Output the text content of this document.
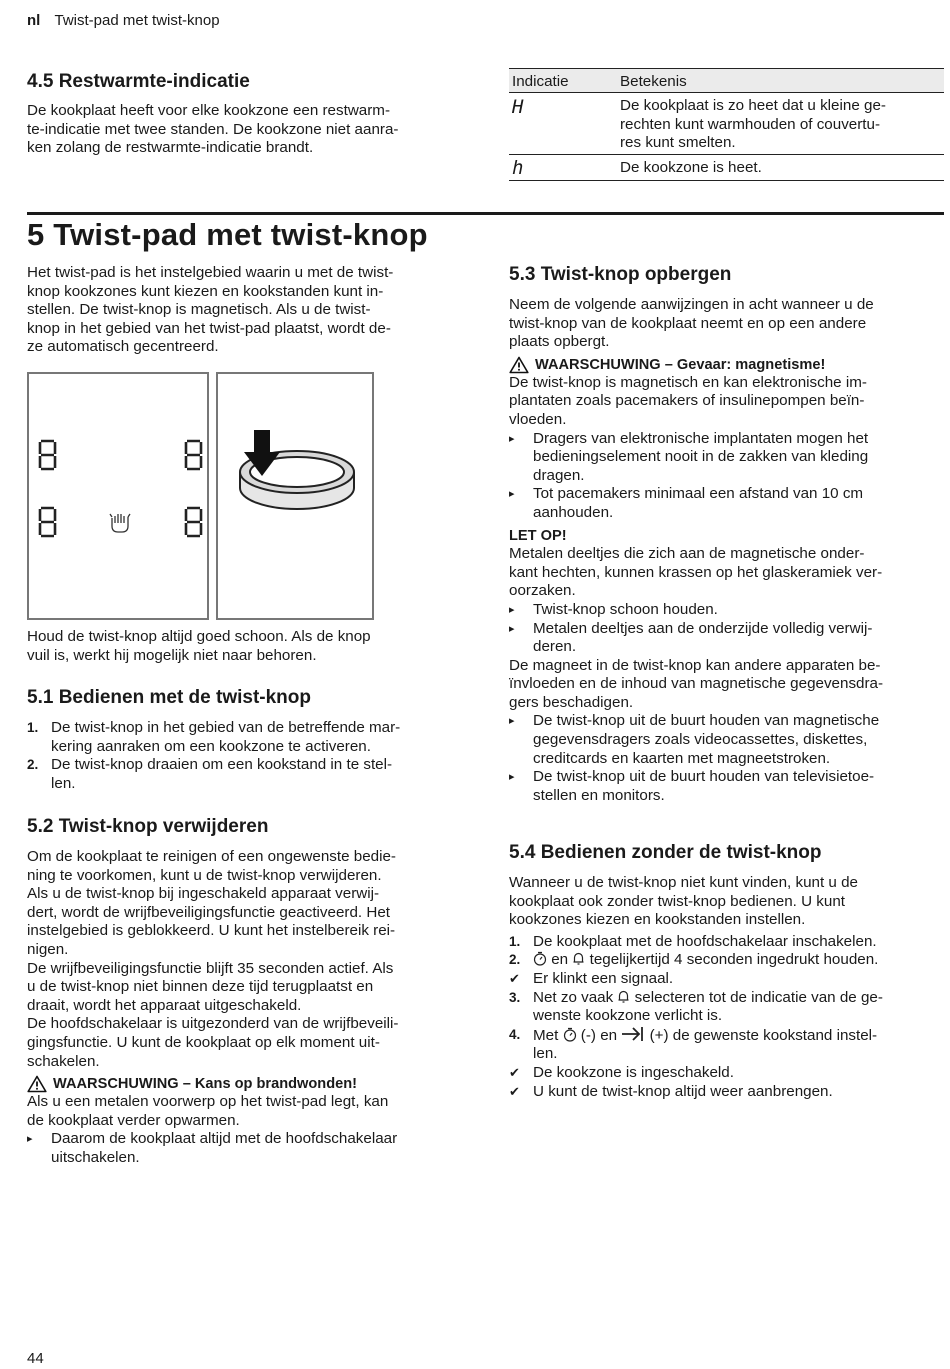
nl Twist-pad met twist-knop
4.5 Restwarmte-indicatie
De kookplaat heeft voor elke kookzone een restwarm-
te-indicatie met twee standen. De kookzone niet aanra-
ken zolang de restwarmte-indicatie brandt.
Indicatie	Betekenis
H	De kookplaat is zo heet dat u kleine ge-
rechten kunt warmhouden of couvertu-
res kunt smelten.
h	De kookzone is heet.
5 Twist-pad met twist-knop
Het twist-pad is het instelgebied waarin u met de twist-
knop kookzones kunt kiezen en kookstanden kunt in-
stellen. De twist-knop is magnetisch. Als u de twist-
knop in het gebied van het twist-pad plaatst, wordt de-
ze automatisch gecentreerd.
Houd de twist-knop altijd goed schoon. Als de knop
vuil is, werkt hij mogelijk niet naar behoren.
5.1 Bedienen met de twist-knop
1. De twist-knop in het gebied van de betreffende mar-
kering aanraken om een kookzone te activeren.
2. De twist-knop draaien om een kookstand in te stel-
len.
5.2 Twist-knop verwijderen
Om de kookplaat te reinigen of een ongewenste bedie-
ning te voorkomen, kunt u de twist-knop verwijderen.
Als u de twist-knop bij ingeschakeld apparaat verwij-
dert, wordt de wrijfbeveiligingsfunctie geactiveerd. Het
instelgebied is geblokkeerd. U kunt het instelbereik rei-
nigen.
De wrijfbeveiligingsfunctie blijft 35 seconden actief. Als
u de twist-knop niet binnen deze tijd terugplaatst en
draait, wordt het apparaat uitgeschakeld.
De hoofdschakelaar is uitgezonderd van de wrijfbeveili-
gingsfunctie. U kunt de kookplaat op elk moment uit-
schakelen.
WAARSCHUWING – Kans op brandwonden!
Als u een metalen voorwerp op het twist-pad legt, kan
de kookplaat verder opwarmen.
▸ Daarom de kookplaat altijd met de hoofdschakelaar
uitschakelen.
5.3 Twist-knop opbergen
Neem de volgende aanwijzingen in acht wanneer u de
twist-knop van de kookplaat neemt en op een andere
plaats opbergt.
WAARSCHUWING – Gevaar: magnetisme!
De twist-knop is magnetisch en kan elektronische im-
plantaten zoals pacemakers of insulinepompen beïn-
vloeden.
▸ Dragers van elektronische implantaten mogen het
bedieningselement nooit in de zakken van kleding
dragen.
▸ Tot pacemakers minimaal een afstand van 10 cm
aanhouden.
LET OP!
Metalen deeltjes die zich aan de magnetische onder-
kant hechten, kunnen krassen op het glaskeramiek ver-
oorzaken.
▸ Twist-knop schoon houden.
▸ Metalen deeltjes aan de onderzijde volledig verwij-
deren.
De magneet in de twist-knop kan andere apparaten be-
ïnvloeden en de inhoud van magnetische gegevensdra-
gers beschadigen.
▸ De twist-knop uit de buurt houden van magnetische
gegevensdragers zoals videocassettes, diskettes,
creditcards en kaarten met magneetstroken.
▸ De twist-knop uit de buurt houden van televisietoe-
stellen en monitors.
5.4 Bedienen zonder de twist-knop
Wanneer u de twist-knop niet kunt vinden, kunt u de
kookplaat ook zonder twist-knop bedienen. U kunt
kookzones kiezen en kookstanden instellen.
1. De kookplaat met de hoofdschakelaar inschakelen.
2.	en tegelijkertijd 4 seconden ingedrukt houden.
✔ Er klinkt een signaal.
3. Net zo vaak selecteren tot de indicatie van de ge-
wenste kookzone verlicht is.
4. Met (-) en (+) de gewenste kookstand instel-
len.
✔ De kookzone is ingeschakeld.
✔ U kunt de twist-knop altijd weer aanbrengen.
44
